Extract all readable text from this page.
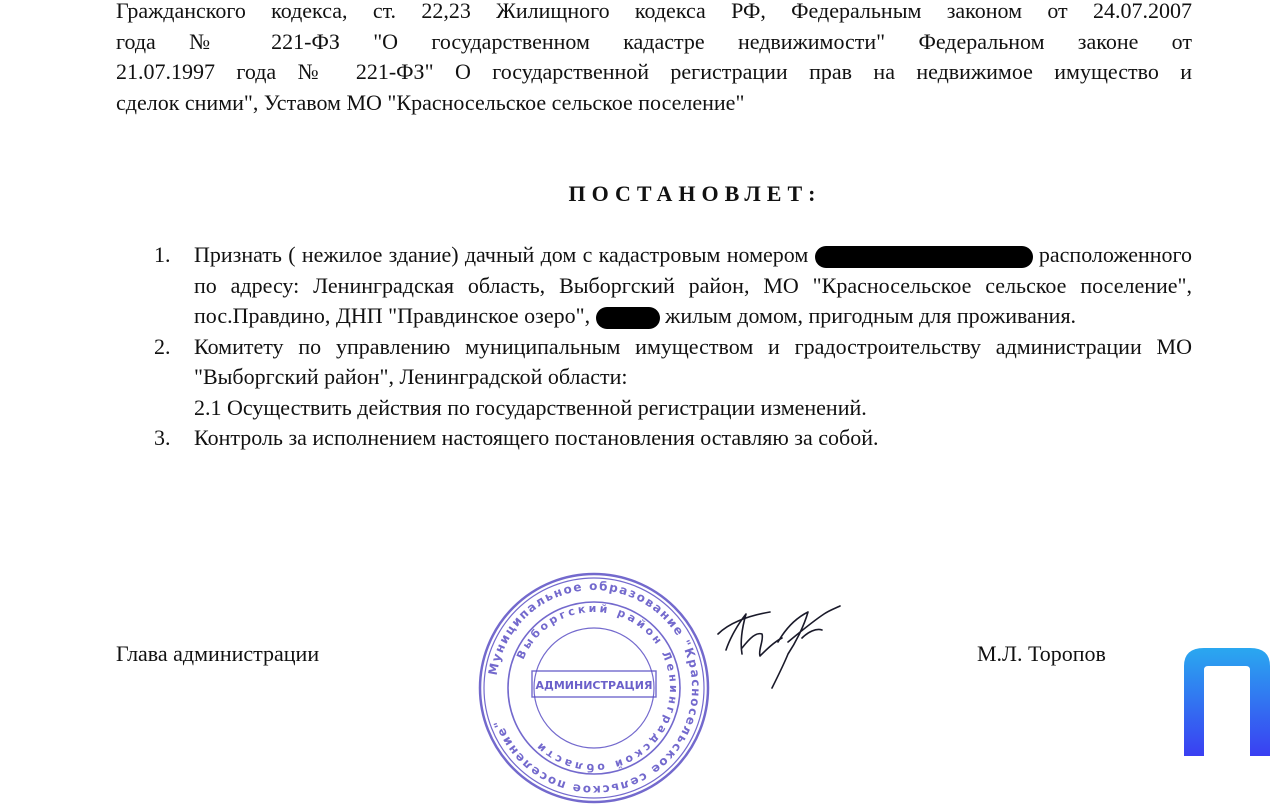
Гражданского кодекса, ст. 22,23 Жилищного кодекса РФ, Федеральным законом от 24.07.2007
года № 221-ФЗ "О государственном кадастре недвижимости" Федеральном законе от
21.07.1997 года № 221-ФЗ" О государственной регистрации прав на недвижимое имущество и
сделок сними", Уставом МО "Красносельское сельское поселение"
ПОСТАНОВЛЕТ:
1. Признать ( нежилое здание) дачный дом с кадастровым номером	расположенного по адресу: Ленинградская область, Выборгский район, МО "Красносельское сельское поселение", пос.Правдино, ДНП "Правдинское озеро",	жилым домом, пригодным для проживания.
2. Комитету по управлению муниципальным имуществом и градостроительству администрации МО "Выборгский район", Ленинградской области:
2.1 Осуществить действия по государственной регистрации изменений.
3. Контроль за исполнением настоящего постановления оставляю за собой.
Глава администрации
Муниципальное образование "Красносельское сельское поселение"
Выборгский район Ленинградской области
АДМИНИСТРАЦИЯ
М.Л. Торопов
